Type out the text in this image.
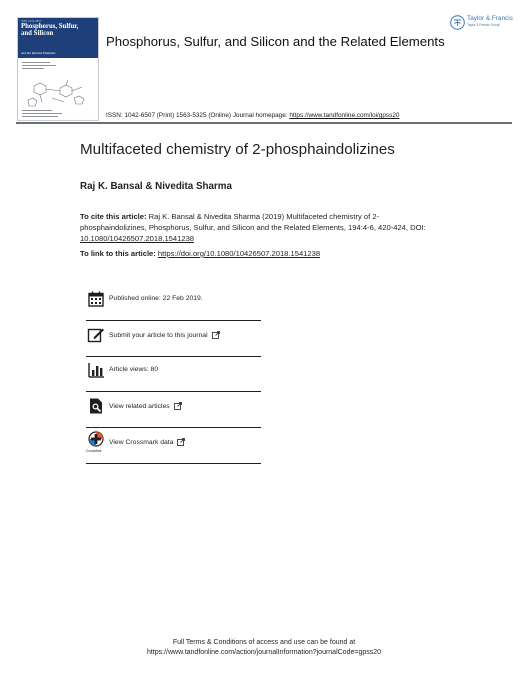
ISSN 1042-6507
Phosphorus, Sulfur, and Silicon
and the Related Elements
Phosphorus, Sulfur, and Silicon and the Related Elements
Taylor & Francis
Taylor & Francis Group
ISSN: 1042-6507 (Print) 1563-5325 (Online) Journal homepage: https://www.tandfonline.com/loi/gpss20
Multifaceted chemistry of 2-phosphaindolizines
Raj K. Bansal & Nivedita Sharma
To cite this article: Raj K. Bansal & Nivedita Sharma (2019) Multifaceted chemistry of 2-phosphaindolizines, Phosphorus, Sulfur, and Silicon and the Related Elements, 194:4-6, 420-424, DOI: 10.1080/10426507.2018.1541238
To link to this article: https://doi.org/10.1080/10426507.2018.1541238
Published online: 22 Feb 2019.
Submit your article to this journal
Article views: 80
View related articles
CrossMark
View Crossmark data
Full Terms & Conditions of access and use can be found at
https://www.tandfonline.com/action/journalInformation?journalCode=gpss20
